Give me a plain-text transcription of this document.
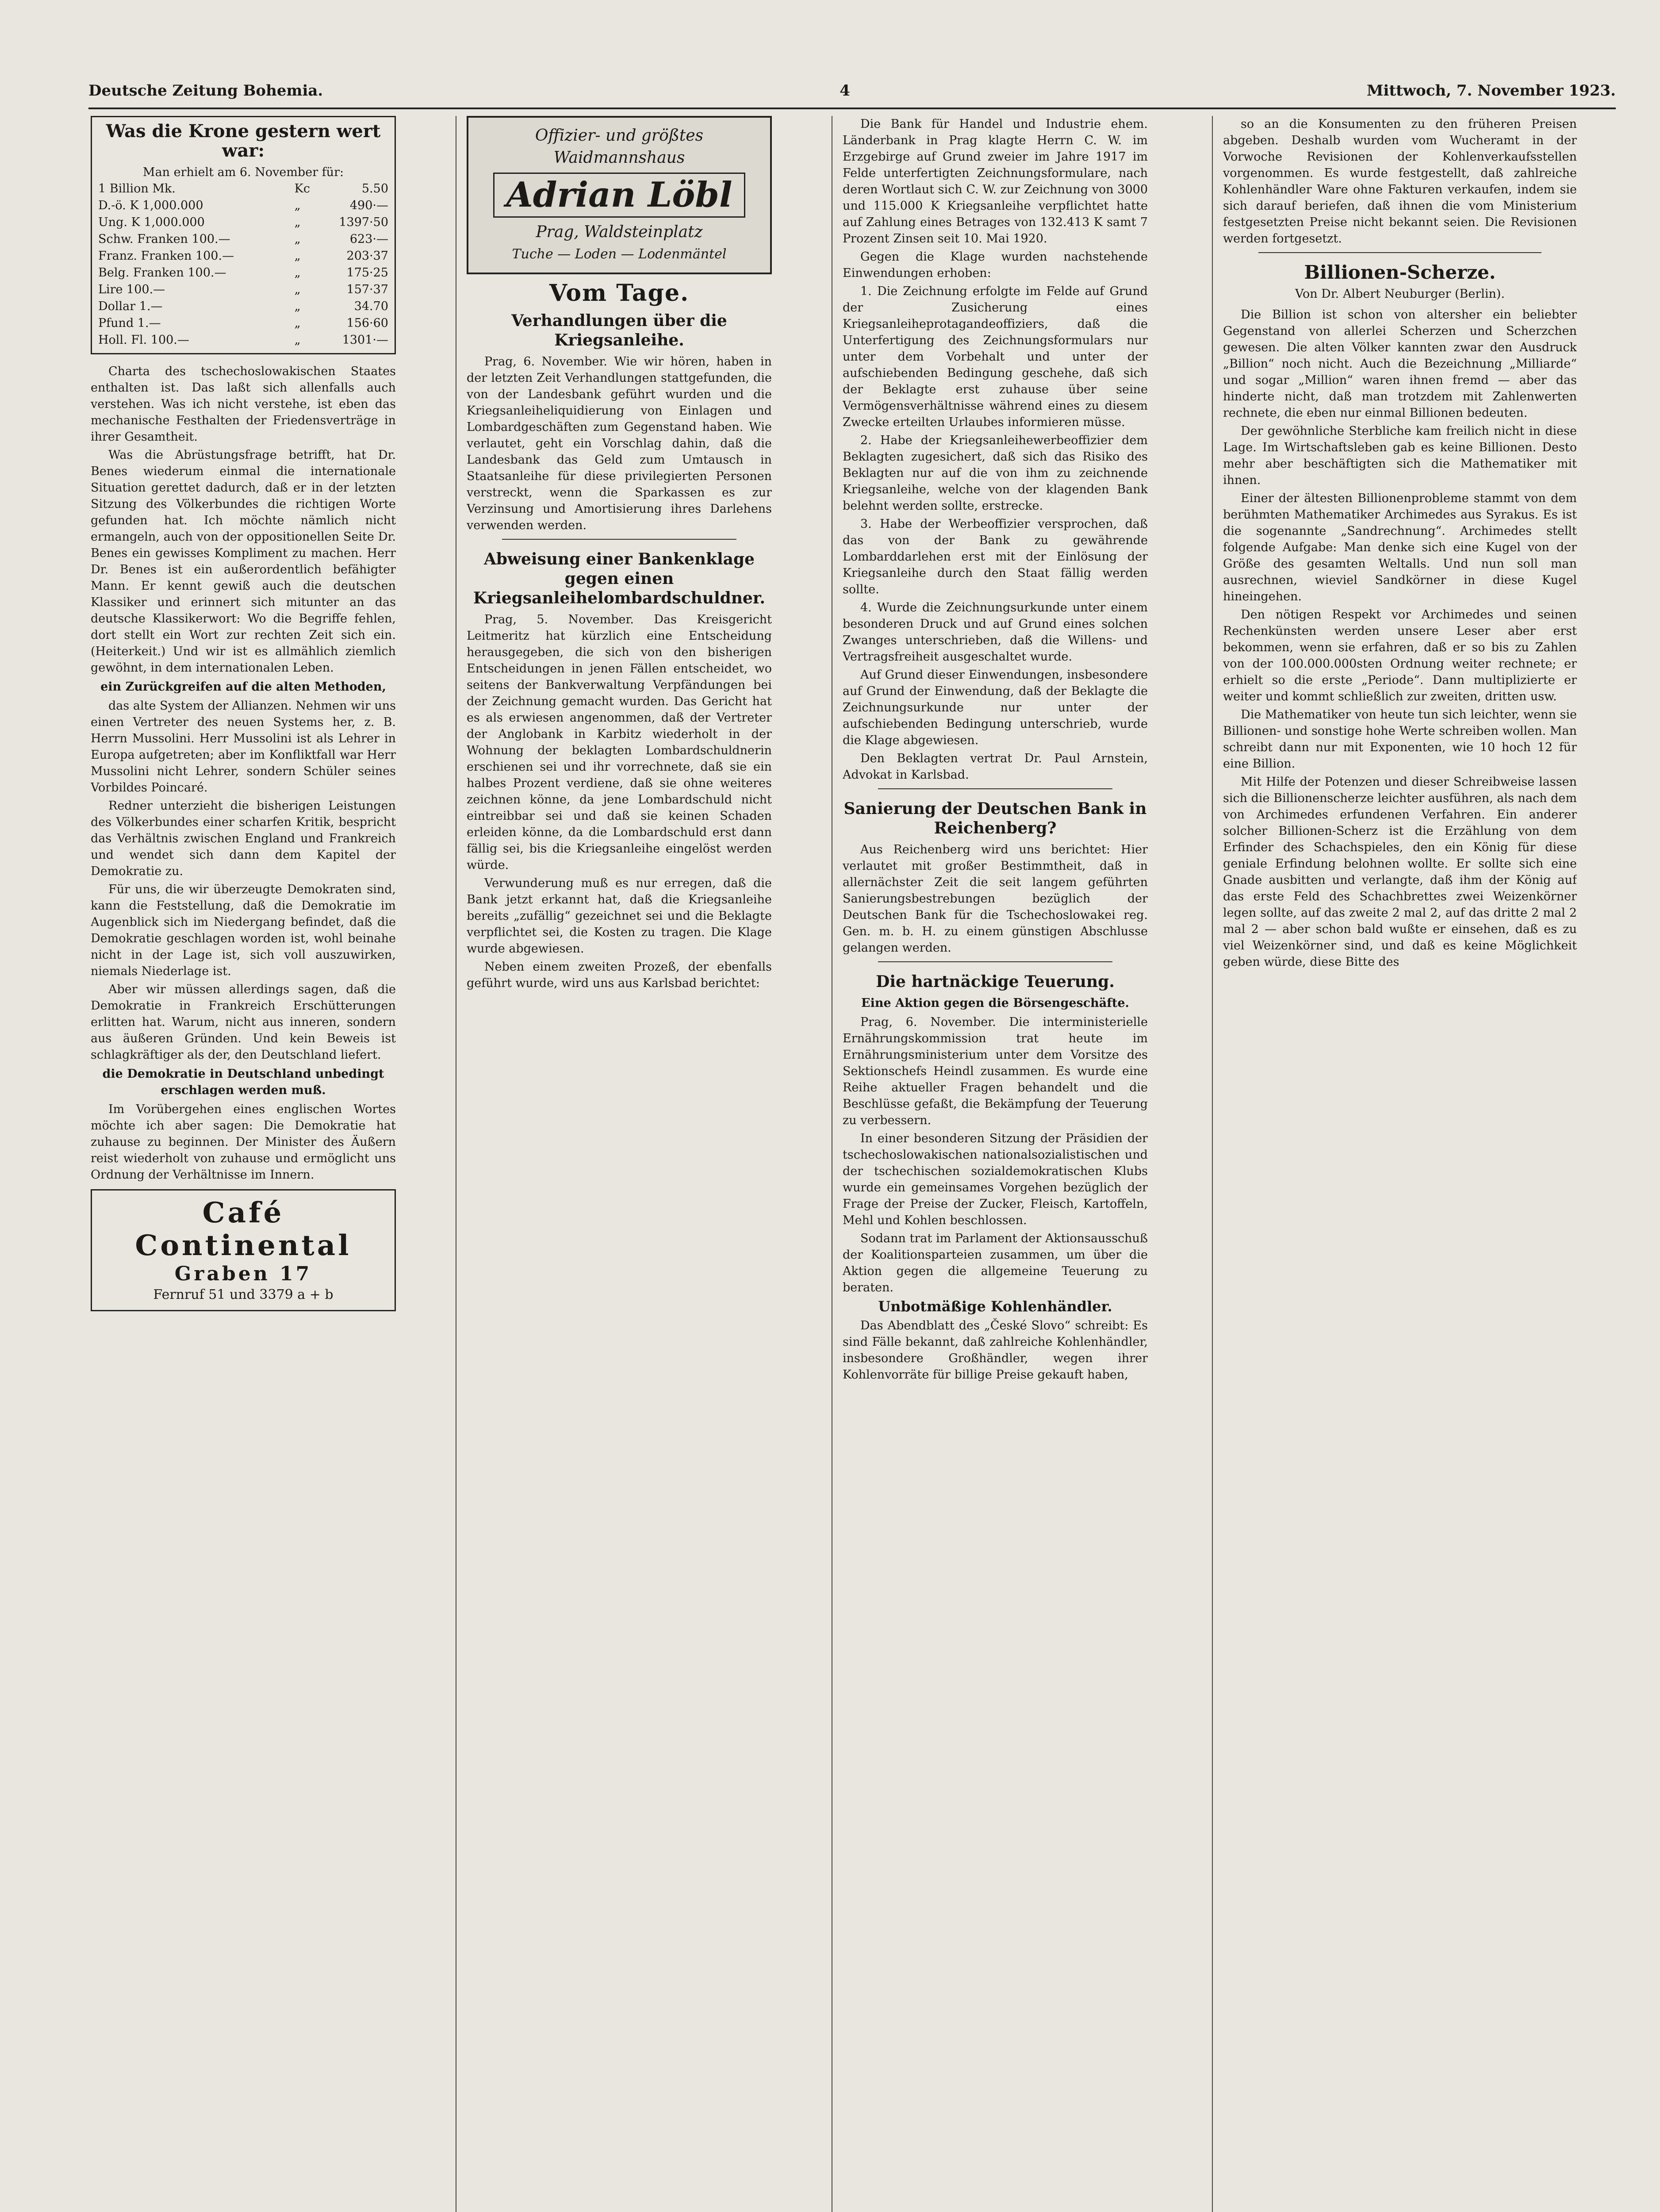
Deutsche Zeitung Bohemia.	4	Mittwoch, 7. November 1923.
Was die Krone gestern wert war:
Man erhielt am 6. November für:
1 Billion Mk.	Kc	5.50
D.-ö. K 1,000.000	„	490·—
Ung. K 1,000.000	„	1397·50
Schw. Franken 100.—	„	623·—
Franz. Franken 100.—	„	203·37
Belg. Franken 100.—	„	175·25
Lire 100.—	„	157·37
Dollar 1.—	„	34.70
Pfund 1.—	„	156·60
Holl. Fl. 100.—	„	1301·—

Charta des tschechoslowakischen Staates enthalten ist. Das laßt sich allenfalls auch verstehen. Was ich nicht verstehe, ist eben das mechanische Festhalten der Friedensverträge in ihrer Gesamtheit.

Was die Abrüstungsfrage betrifft, hat Dr. Benes wiederum einmal die internationale Situation gerettet dadurch, daß er in der letzten Sitzung des Völkerbundes die richtigen Worte gefunden hat. Ich möchte nämlich nicht ermangeln, auch von der oppositionellen Seite Dr. Benes ein gewisses Kompliment zu machen. Herr Dr. Benes ist ein außerordentlich befähigter Mann. Er kennt gewiß auch die deutschen Klassiker und erinnert sich mitunter an das deutsche Klassikerwort: Wo die Begriffe fehlen, dort stellt ein Wort zur rechten Zeit sich ein. (Heiterkeit.) Und wir ist es allmählich ziemlich gewöhnt, in dem internationalen Leben.

ein Zurückgreifen auf die alten Methoden,

das alte System der Allianzen. Nehmen wir uns einen Vertreter des neuen Systems her, z. B. Herrn Mussolini. Herr Mussolini ist als Lehrer in Europa aufgetreten; aber im Konfliktfall war Herr Mussolini nicht Lehrer, sondern Schüler seines Vorbildes Poincaré.

Redner unterzieht die bisherigen Leistungen des Völkerbundes einer scharfen Kritik, bespricht das Verhältnis zwischen England und Frankreich und wendet sich dann dem Kapitel der Demokratie zu.

Für uns, die wir überzeugte Demokraten sind, kann die Feststellung, daß die Demokratie im Augenblick sich im Niedergang befindet, daß die Demokratie geschlagen worden ist, wohl beinahe nicht in der Lage ist, sich voll auszuwirken, niemals Niederlage ist.

Aber wir müssen allerdings sagen, daß die Demokratie in Frankreich Erschütterungen erlitten hat. Warum, nicht aus inneren, sondern aus äußeren Gründen. Und kein Beweis ist schlagkräftiger als der, den Deutschland liefert.

die Demokratie in Deutschland unbedingt erschlagen werden muß.

Im Vorübergehen eines englischen Wortes möchte ich aber sagen: Die Demokratie hat zuhause zu beginnen. Der Minister des Äußern reist wiederholt von zuhause und ermöglicht uns Ordnung der Verhältnisse im Innern.

Café Continental
Graben 17
Fernruf 51 und 3379 a + b
Offizier- und größtes Waidmannshaus
Adrian Löbl
Prag, Waldsteinplatz
Tuche — Loden — Lodenmäntel
Vom Tage.
Verhandlungen über die Kriegsanleihe.

Prag, 6. November. Wie wir hören, haben in der letzten Zeit Verhandlungen stattgefunden, die von der Landesbank geführt wurden und die Kriegsanleiheliquidierung von Einlagen und Lombardgeschäften zum Gegenstand haben. Wie verlautet, geht ein Vorschlag dahin, daß die Landesbank das Geld zum Umtausch in Staatsanleihe für diese privilegierten Personen verstreckt, wenn die Sparkassen es zur Verzinsung und Amortisierung ihres Darlehens verwenden werden.

Abweisung einer Bankenklage gegen einen Kriegsanleihelombardschuldner.

Prag, 5. November. Das Kreisgericht Leitmeritz hat kürzlich eine Entscheidung herausgegeben, die sich von den bisherigen Entscheidungen in jenen Fällen entscheidet, wo seitens der Bankverwaltung Verpfändungen bei der Zeichnung gemacht wurden. Das Gericht hat es als erwiesen angenommen, daß der Vertreter der Anglobank in Karbitz wiederholt in der Wohnung der beklagten Lombardschuldnerin erschienen sei und ihr vorrechnete, daß sie ein halbes Prozent verdiene, daß sie ohne weiteres zeichnen könne, da jene Lombardschuld nicht eintreibbar sei und daß sie keinen Schaden erleiden könne, da die Lombardschuld erst dann fällig sei, bis die Kriegsanleihe eingelöst werden würde.

Verwunderung muß es nur erregen, daß die Bank jetzt erkannt hat, daß die Kriegsanleihe bereits „zufällig“ gezeichnet sei und die Beklagte verpflichtet sei, die Kosten zu tragen. Die Klage wurde abgewiesen.

Neben einem zweiten Prozeß, der ebenfalls geführt wurde, wird uns aus Karlsbad berichtet:

Die Bank für Handel und Industrie ehem. Länderbank in Prag klagte Herrn C. W. im Erzgebirge auf Grund zweier im Jahre 1917 im Felde unterfertigten Zeichnungsformulare, nach deren Wortlaut sich C. W. zur Zeichnung von 3000 und 115.000 K Kriegsanleihe verpflichtet hatte auf Zahlung eines Betrages von 132.413 K samt 7 Prozent Zinsen seit 10. Mai 1920.

Gegen die Klage wurden nachstehende Einwendungen erhoben:

1. Die Zeichnung erfolgte im Felde auf Grund der Zusicherung eines Kriegsanleiheprotagandeoffiziers, daß die Unterfertigung des Zeichnungsformulars nur unter dem Vorbehalt und unter der aufschiebenden Bedingung geschehe, daß sich der Beklagte erst zuhause über seine Vermögensverhältnisse während eines zu diesem Zwecke erteilten Urlaubes informieren müsse.

2. Habe der Kriegsanleihewerbeoffizier dem Beklagten zugesichert, daß sich das Risiko des Beklagten nur auf die von ihm zu zeichnende Kriegsanleihe, welche von der klagenden Bank belehnt werden sollte, erstrecke.

3. Habe der Werbeoffizier versprochen, daß das von der Bank zu gewährende Lombarddarlehen erst mit der Einlösung der Kriegsanleihe durch den Staat fällig werden sollte.

4. Wurde die Zeichnungsurkunde unter einem besonderen Druck und auf Grund eines solchen Zwanges unterschrieben, daß die Willens- und Vertragsfreiheit ausgeschaltet wurde.

Auf Grund dieser Einwendungen, insbesondere auf Grund der Einwendung, daß der Beklagte die Zeichnungsurkunde nur unter der aufschiebenden Bedingung unterschrieb, wurde die Klage abgewiesen.

Den Beklagten vertrat Dr. Paul Arnstein, Advokat in Karlsbad.

Sanierung der Deutschen Bank in Reichenberg?

Aus Reichenberg wird uns berichtet: Hier verlautet mit großer Bestimmtheit, daß in allernächster Zeit die seit langem geführten Sanierungsbestrebungen bezüglich der Deutschen Bank für die Tschechoslowakei reg. Gen. m. b. H. zu einem günstigen Abschlusse gelangen werden.

Die hartnäckige Teuerung.
Eine Aktion gegen die Börsengeschäfte.

Prag, 6. November. Die interministerielle Ernährungskommission trat heute im Ernährungsministerium unter dem Vorsitze des Sektionschefs Heindl zusammen. Es wurde eine Reihe aktueller Fragen behandelt und die Beschlüsse gefaßt, die Bekämpfung der Teuerung zu verbessern.

In einer besonderen Sitzung der Präsidien der tschechoslowakischen nationalsozialistischen und der tschechischen sozialdemokratischen Klubs wurde ein gemeinsames Vorgehen bezüglich der Frage der Preise der Zucker, Fleisch, Kartoffeln, Mehl und Kohlen beschlossen.

Sodann trat im Parlament der Aktionsausschuß der Koalitionsparteien zusammen, um über die Aktion gegen die allgemeine Teuerung zu beraten.

Unbotmäßige Kohlenhändler.

Das Abendblatt des „České Slovo“ schreibt: Es sind Fälle bekannt, daß zahlreiche Kohlenhändler, insbesondere Großhändler, wegen ihrer Kohlenvorräte für billige Preise gekauft haben,

so an die Konsumenten zu den früheren Preisen abgeben. Deshalb wurden vom Wucheramt in der Vorwoche Revisionen der Kohlenverkaufsstellen vorgenommen. Es wurde festgestellt, daß zahlreiche Kohlenhändler Ware ohne Fakturen verkaufen, indem sie sich darauf beriefen, daß ihnen die vom Ministerium festgesetzten Preise nicht bekannt seien. Die Revisionen werden fortgesetzt.

Billionen-Scherze.
Von Dr. Albert Neuburger (Berlin).

Die Billion ist schon von altersher ein beliebter Gegenstand von allerlei Scherzen und Scherzchen gewesen. Die alten Völker kannten zwar den Ausdruck „Billion“ noch nicht. Auch die Bezeichnung „Milliarde“ und sogar „Million“ waren ihnen fremd — aber das hinderte nicht, daß man trotzdem mit Zahlenwerten rechnete, die eben nur einmal Billionen bedeuten.

Der gewöhnliche Sterbliche kam freilich nicht in diese Lage. Im Wirtschaftsleben gab es keine Billionen. Desto mehr aber beschäftigten sich die Mathematiker mit ihnen.

Einer der ältesten Billionenprobleme stammt von dem berühmten Mathematiker Archimedes aus Syrakus. Es ist die sogenannte „Sandrechnung“. Archimedes stellt folgende Aufgabe: Man denke sich eine Kugel von der Größe des gesamten Weltalls. Und nun soll man ausrechnen, wieviel Sandkörner in diese Kugel hineingehen.

Den nötigen Respekt vor Archimedes und seinen Rechenkünsten werden unsere Leser aber erst bekommen, wenn sie erfahren, daß er so bis zu Zahlen von der 100.000.000sten Ordnung weiter rechnete; er erhielt so die erste „Periode“. Dann multiplizierte er weiter und kommt schließlich zur zweiten, dritten usw.

Die Mathematiker von heute tun sich leichter, wenn sie Billionen- und sonstige hohe Werte schreiben wollen. Man schreibt dann nur mit Exponenten, wie 10 hoch 12 für eine Billion.

Mit Hilfe der Potenzen und dieser Schreibweise lassen sich die Billionenscherze leichter ausführen, als nach dem von Archimedes erfundenen Verfahren. Ein anderer solcher Billionen-Scherz ist die Erzählung von dem Erfinder des Schachspieles, den ein König für diese geniale Erfindung belohnen wollte. Er sollte sich eine Gnade ausbitten und verlangte, daß ihm der König auf das erste Feld des Schachbrettes zwei Weizenkörner legen sollte, auf das zweite 2 mal 2, auf das dritte 2 mal 2 mal 2 — aber schon bald wußte er einsehen, daß es zu viel Weizenkörner sind, und daß es keine Möglichkeit geben würde, diese Bitte des
